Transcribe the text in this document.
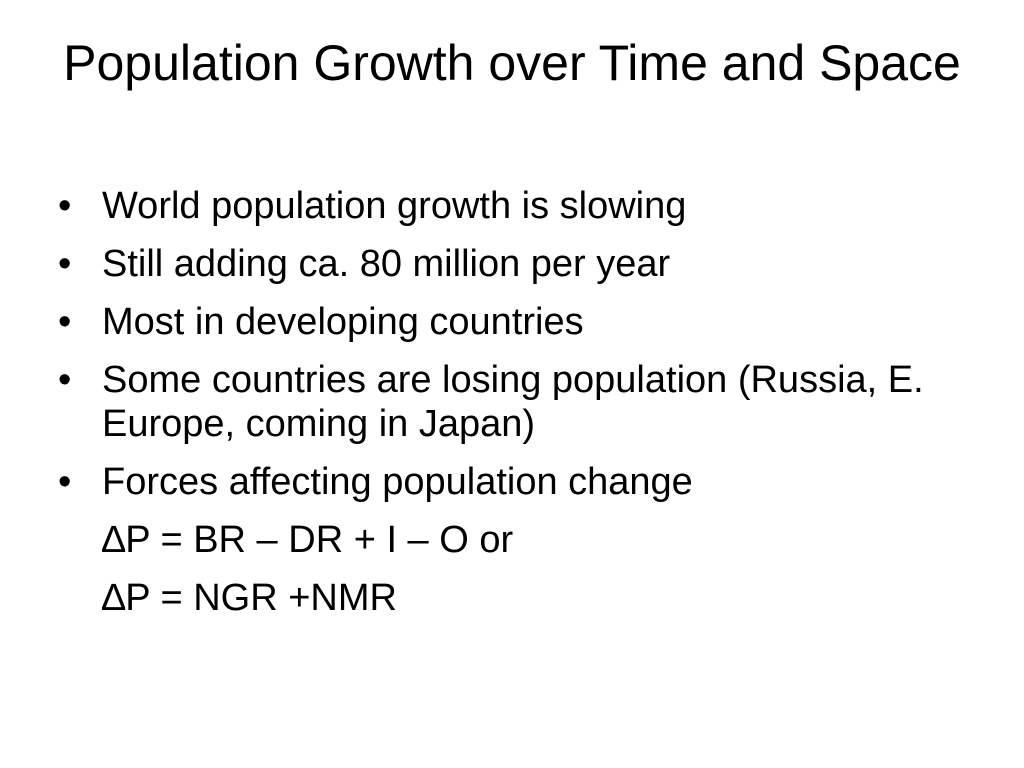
Population Growth over Time and Space
• World population growth is slowing
• Still adding ca. 80 million per year
• Most in developing countries
• Some countries are losing population (Russia, E. Europe, coming in Japan)
• Forces affecting population change
∆P = BR – DR + I – O or
∆P = NGR +NMR
